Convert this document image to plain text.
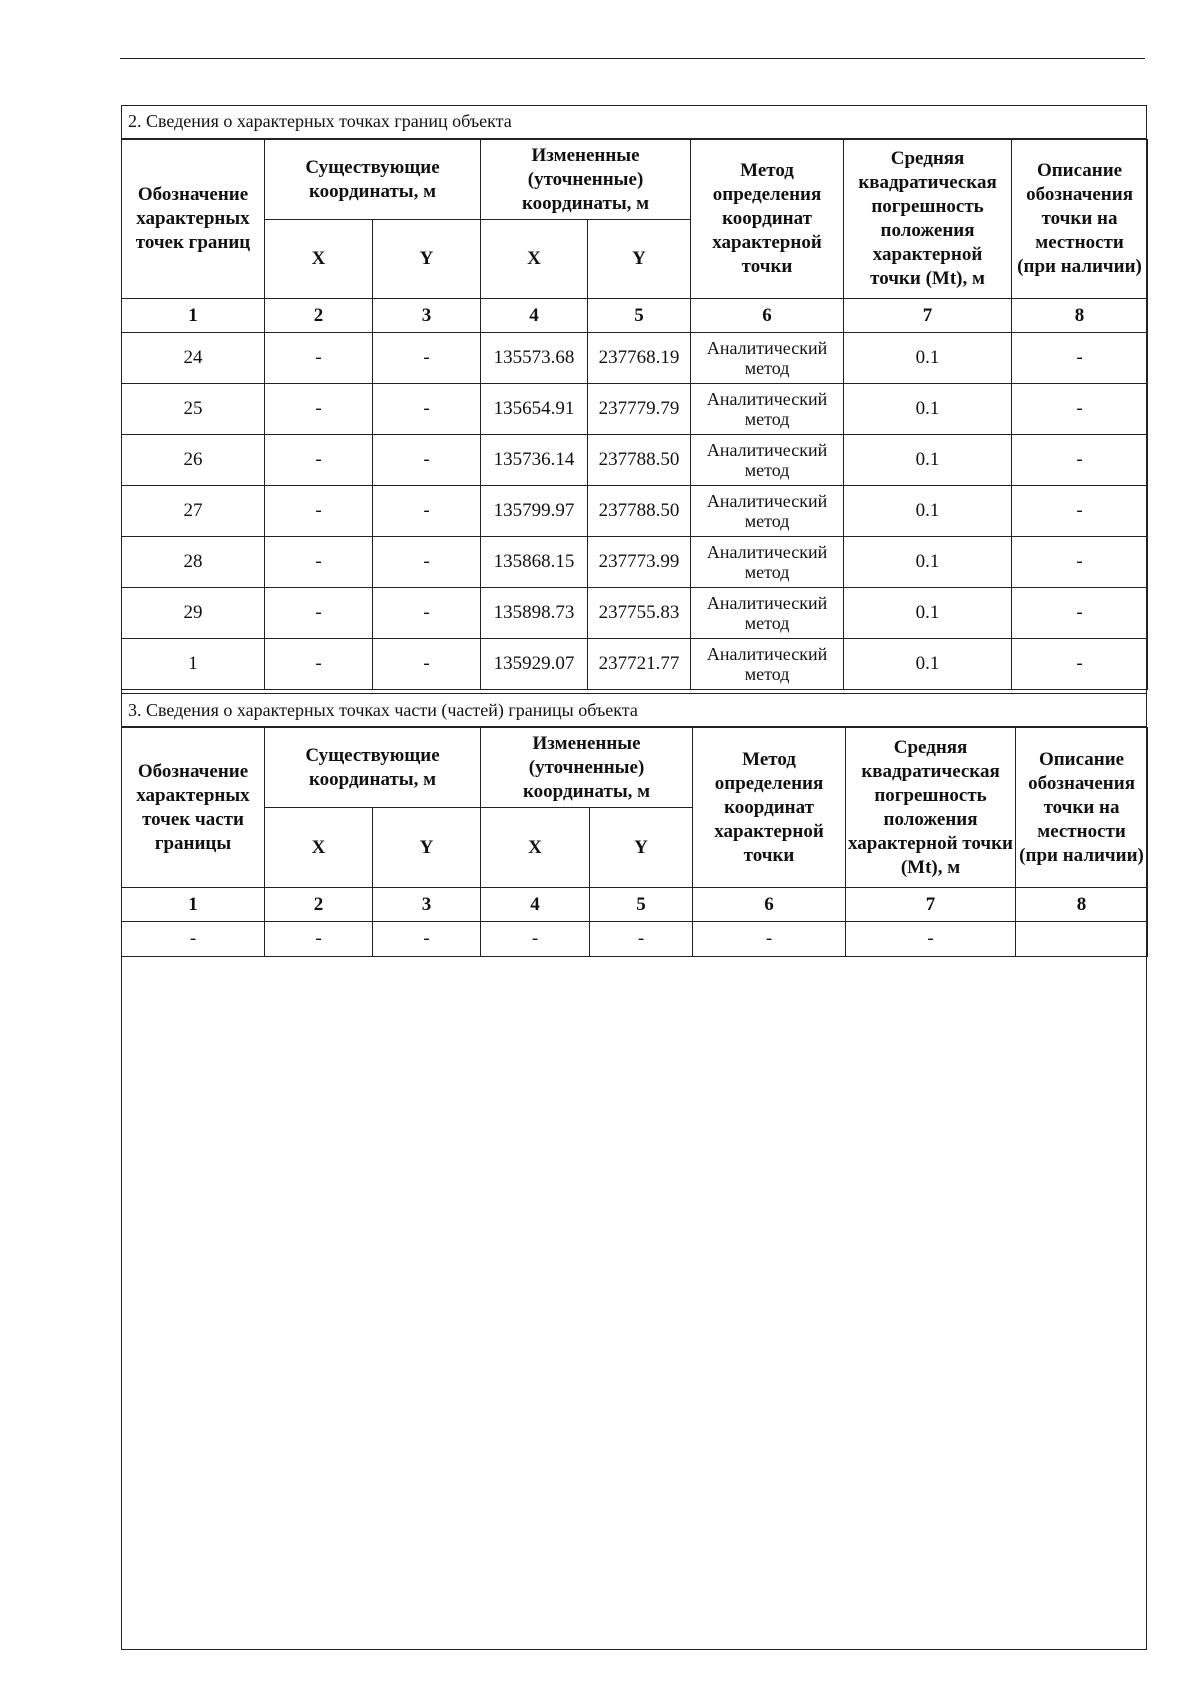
2. Сведения о характерных точках границ объекта
Обозначение характерных точек границ	Существующие координаты, м		Измененные (уточненные) координаты, м		Метод определения координат характерной точки	Средняя квадратическая погрешность положения характерной точки (Mt), м	Описание обозначения точки на местности (при наличии)
	X	Y	X	Y			
1	2	3	4	5	6	7	8
24	-	-	135573.68	237768.19	Аналитический метод	0.1	-
25	-	-	135654.91	237779.79	Аналитический метод	0.1	-
26	-	-	135736.14	237788.50	Аналитический метод	0.1	-
27	-	-	135799.97	237788.50	Аналитический метод	0.1	-
28	-	-	135868.15	237773.99	Аналитический метод	0.1	-
29	-	-	135898.73	237755.83	Аналитический метод	0.1	-
1	-	-	135929.07	237721.77	Аналитический метод	0.1	-
3. Сведения о характерных точках части (частей) границы объекта
Обозначение характерных точек части границы	Существующие координаты, м		Измененные (уточненные) координаты, м		Метод определения координат характерной точки	Средняя квадратическая погрешность положения характерной точки (Mt), м	Описание обозначения точки на местности (при наличии)
	X	Y	X	Y			
1	2	3	4	5	6	7	8
-	-	-	-	-	-	-	
